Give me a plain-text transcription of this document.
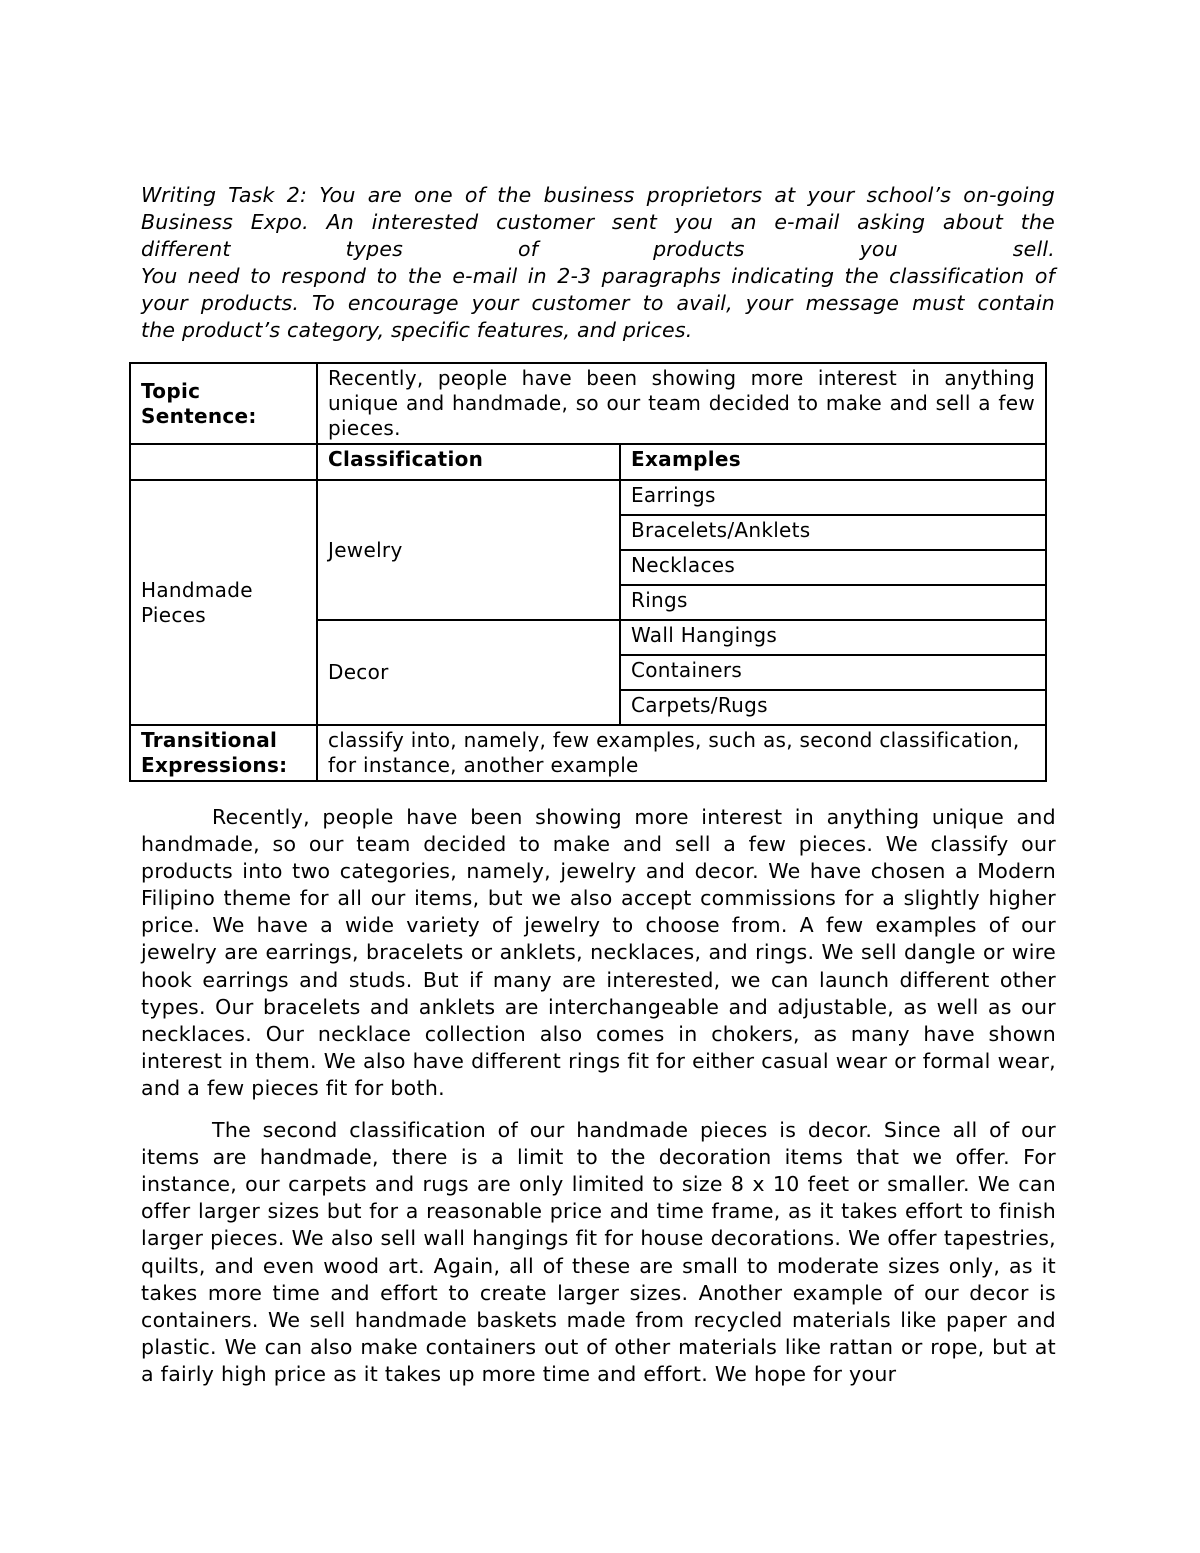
Writing Task 2: You are one of the business proprietors at your school’s on-going
Business Expo. An interested customer sent you an e-mail asking about the
different types of products you sell.
You need to respond to the e-mail in 2-3 paragraphs indicating the classification of
your products. To encourage your customer to avail, your message must contain
the product’s category, specific features, and prices.
Topic Sentence:	Recently, people have been showing more interest in anything unique and handmade, so our team decided to make and sell a few pieces.	
	Classification	Examples
Handmade Pieces	Jewelry	Earrings
		Bracelets/Anklets
		Necklaces
		Rings
	Decor	Wall Hangings
		Containers
		Carpets/Rugs
Transitional Expressions:	classify into, namely, few examples, such as, second classification, for instance, another example	

Recently, people have been showing more interest in anything unique and handmade, so our team decided to make and sell a few pieces. We classify our products into two categories, namely, jewelry and decor. We have chosen a Modern Filipino theme for all our items, but we also accept commissions for a slightly higher price. We have a wide variety of jewelry to choose from. A few examples of our jewelry are earrings, bracelets or anklets, necklaces, and rings. We sell dangle or wire hook earrings and studs. But if many are interested, we can launch different other types. Our bracelets and anklets are interchangeable and adjustable, as well as our necklaces. Our necklace collection also comes in chokers, as many have shown interest in them. We also have different rings fit for either casual wear or formal wear, and a few pieces fit for both.

The second classification of our handmade pieces is decor. Since all of our items are handmade, there is a limit to the decoration items that we offer. For instance, our carpets and rugs are only limited to size 8 x 10 feet or smaller. We can offer larger sizes but for a reasonable price and time frame, as it takes effort to finish larger pieces. We also sell wall hangings fit for house decorations. We offer tapestries, quilts, and even wood art. Again, all of these are small to moderate sizes only, as it takes more time and effort to create larger sizes. Another example of our decor is containers. We sell handmade baskets made from recycled materials like paper and plastic. We can also make containers out of other materials like rattan or rope, but at a fairly high price as it takes up more time and effort. We hope for your
